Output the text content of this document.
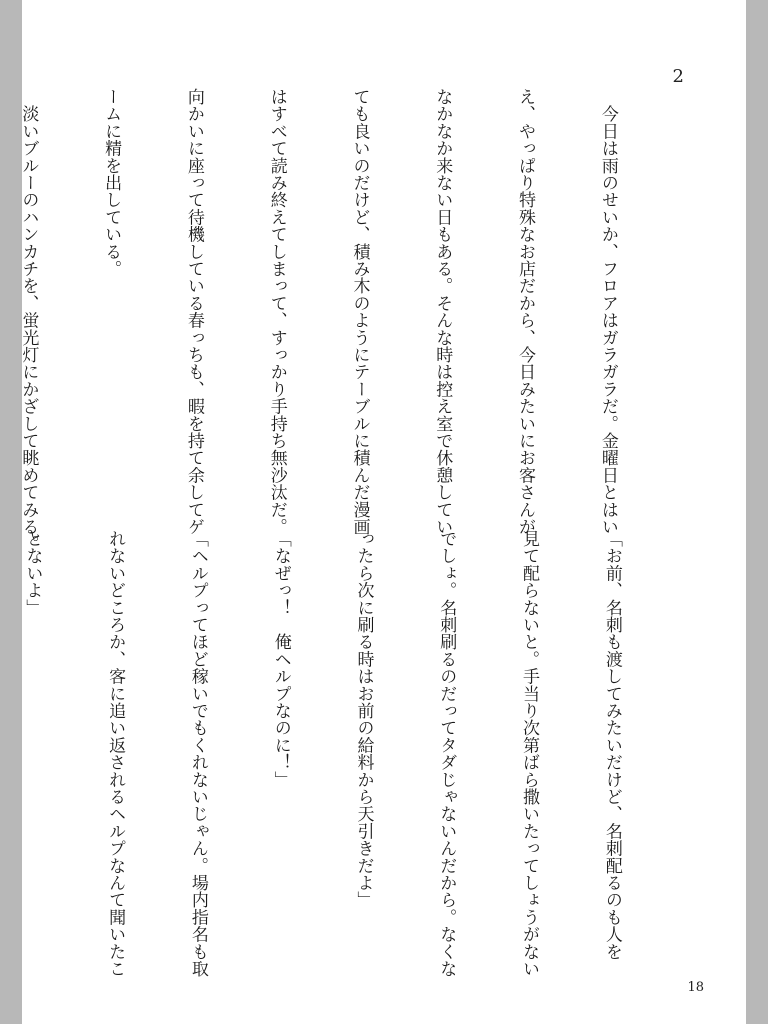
2

　今日は雨のせいか、フロアはガラガラだ。金曜日とはい

え、やっぱり特殊なお店だから、今日みたいにお客さんが

なかなか来ない日もある。そんな時は控え室で休憩してい

ても良いのだけど、積み木のようにテーブルに積んだ漫画

はすべて読み終えてしまって、すっかり手持ち無沙汰だ。

向かいに座って待機している春っちも、暇を持て余してゲ

ームに精を出している。

　淡いブルーのハンカチを、蛍光灯にかざして眺めてみる。

「お前、名刺も渡してみたいだけど、名刺配るのも人を

見て配らないと。手当り次第ばら撒いたってしょうがない

でしょ。名刺刷るのだってタダじゃないんだから。なくな

ったら次に刷る時はお前の給料から天引きだよ」

「なぜっ！　俺ヘルプなのに！」

「ヘルプってほど稼いでもくれないじゃん。場内指名も取

れないどころか、客に追い返されるヘルプなんて聞いたこ

とないよ」

18
